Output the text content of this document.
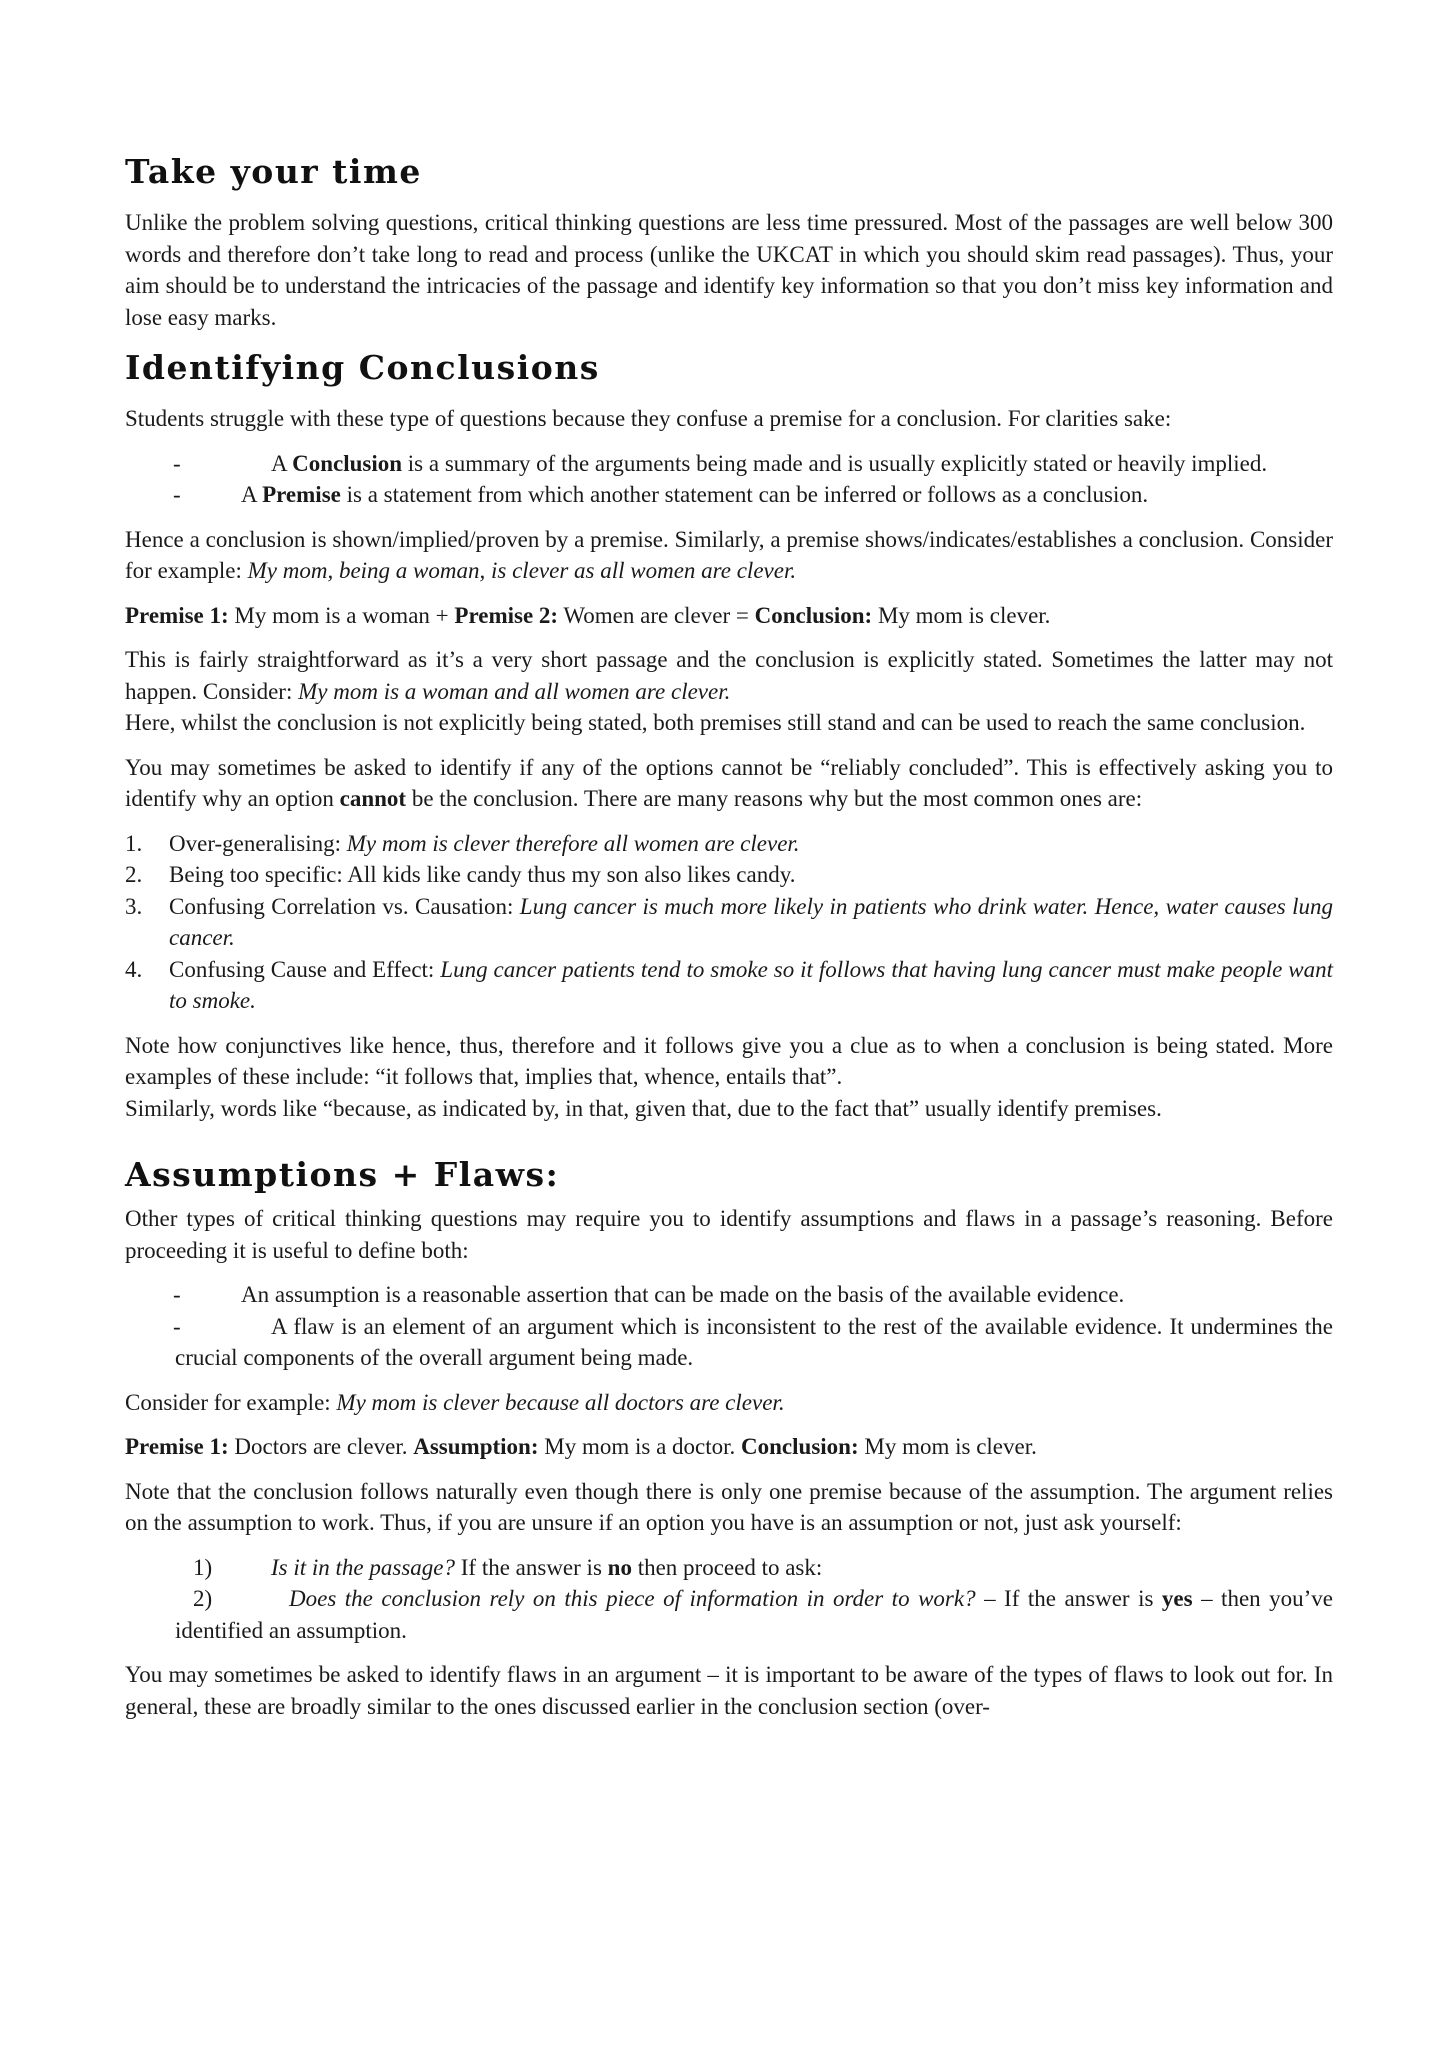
Take your time

Unlike the problem solving questions, critical thinking questions are less time pressured. Most of the passages are well below 300 words and therefore don’t take long to read and process (unlike the UKCAT in which you should skim read passages). Thus, your aim should be to understand the intricacies of the passage and identify key information so that you don’t miss key information and lose easy marks.

Identifying Conclusions

Students struggle with these type of questions because they confuse a premise for a conclusion. For clarities sake:

-	A Conclusion is a summary of the arguments being made and is usually explicitly stated or heavily implied.
-	A Premise is a statement from which another statement can be inferred or follows as a conclusion.

Hence a conclusion is shown/implied/proven by a premise. Similarly, a premise shows/indicates/establishes a conclusion. Consider for example: My mom, being a woman, is clever as all women are clever.

Premise 1: My mom is a woman + Premise 2: Women are clever = Conclusion: My mom is clever.

This is fairly straightforward as it’s a very short passage and the conclusion is explicitly stated. Sometimes the latter may not happen. Consider: My mom is a woman and all women are clever.

Here, whilst the conclusion is not explicitly being stated, both premises still stand and can be used to reach the same conclusion.

You may sometimes be asked to identify if any of the options cannot be “reliably concluded”. This is effectively asking you to identify why an option cannot be the conclusion. There are many reasons why but the most common ones are:

1. Over-generalising: My mom is clever therefore all women are clever.
2. Being too specific: All kids like candy thus my son also likes candy.
3. Confusing Correlation vs. Causation: Lung cancer is much more likely in patients who drink water. Hence, water causes lung cancer.
4. Confusing Cause and Effect: Lung cancer patients tend to smoke so it follows that having lung cancer must make people want to smoke.

Note how conjunctives like hence, thus, therefore and it follows give you a clue as to when a conclusion is being stated. More examples of these include: “it follows that, implies that, whence, entails that”.

Similarly, words like “because, as indicated by, in that, given that, due to the fact that” usually identify premises.

Assumptions + Flaws:

Other types of critical thinking questions may require you to identify assumptions and flaws in a passage’s reasoning. Before proceeding it is useful to define both:

-	An assumption is a reasonable assertion that can be made on the basis of the available evidence.
-	A flaw is an element of an argument which is inconsistent to the rest of the available evidence. It undermines the crucial components of the overall argument being made.

Consider for example: My mom is clever because all doctors are clever.

Premise 1: Doctors are clever. Assumption: My mom is a doctor. Conclusion: My mom is clever.

Note that the conclusion follows naturally even though there is only one premise because of the assumption. The argument relies on the assumption to work. Thus, if you are unsure if an option you have is an assumption or not, just ask yourself:

1)	Is it in the passage? If the answer is no then proceed to ask:
2)	Does the conclusion rely on this piece of information in order to work? – If the answer is yes – then you’ve identified an assumption.

You may sometimes be asked to identify flaws in an argument – it is important to be aware of the types of flaws to look out for. In general, these are broadly similar to the ones discussed earlier in the conclusion section (over-
